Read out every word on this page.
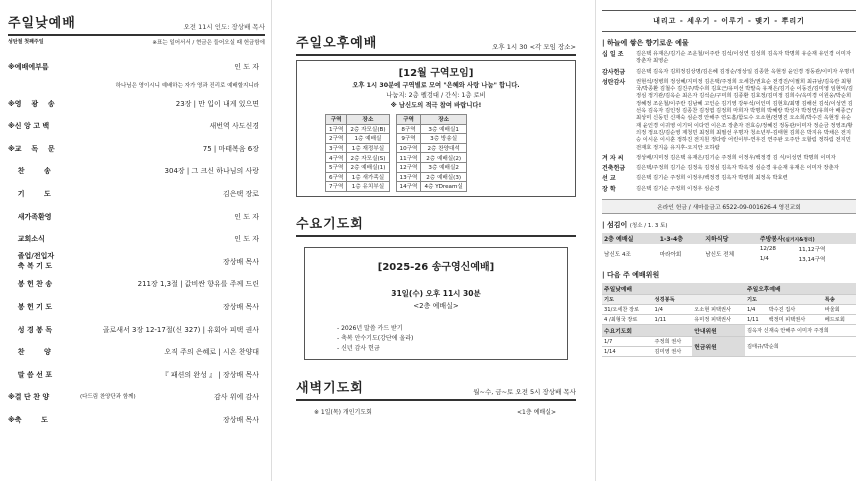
주일낮예배	오전 11시 인도: 장상배 목사
성탄절 첫째주일	※표는 일어서서 / 현금은 들어오실 때 헌금함에
※예배에부름	인 도 자
하나님은 영이시니 예배하는 자가 영과 진리로 예배할지니라
※영    광    송	23장 | 만 입이 내게 있으면
※신 앙 고 백	새번역 사도신경
※교    독    문	75 | 마태복음 6장
찬        송	304장 | 그 크신 하나님의 사랑
기        도	김은택 장로
새가족환영	인 도 자
교회소식	인 도 자
졸업/전입자
축 복 기 도	장상배 목사
봉 헌 찬 송	211장 1,3절 | 값비싼 향유를 주께 드린
봉 헌 기 도	장상배 목사
성 경 봉 독	골로새서 3장 12-17절(신 327) | 유회아 피택 권사
찬        양	오직 주의 은혜로 | 시온 찬양대
말 씀 선 포	『 패션의 완성 』 | 장상배 목사
※결 단 찬 양	(다드림 찬양단과 함께)	감사 위에 감사
※축        도	장상배 목사
주일오후예배	오후 1시 30 <각 모임 장소>
[12월 구역모임]

오후 1시 30분에 구역별로 모여 "은혜와 사랑 나눔" 합니다.

나눔지: 2층 펠겅대 / 간식: 1층 로비

※ 남신도의 적극 참여 바랍니다!

구역	장소		구역	장소
1구역	2층 자모실(B)		8구역	3층 예배실1
2구역	1층 예배실		9구역	3층 방송실
3구역	1층 재정부실		10구역	2층 찬양대석
4구역	2층 자모실(S)		11구역	2층 예배실(2)
5구역	2층 예배실(1)		12구역	3층 예배실2
6구역	1층 새가족실		13구역	2층 예배실(3)
7구역	1층 유치부실		14구역	4층 YDream실
수요기도회
[2025-26 송구영신예배]
31일(수) 오후 11시 30분
<2층 예배실>
- 2026년 말씀 카드 받기
- 축복 안수기도(강단에 올라)
- 신년 감사 헌금
새벽기도회	월~수, 금~토 오전 5시 장상배 목사
※ 1일(목) 개인기도회	<1층 예배실>
내리고 - 세우기 - 이루기 - 맺기 - 뿌리기
| 하늘에 쌓은 향기로운 예물
십 일 조	김은택 유재은/김기순 조운철/이주란 김석/이성연 김성희 김옥자 박명희 유순재 유인경 이미자 장춘자 최영순
감사헌금	김은택 김옥자 김희정김상명/김은혜 김정순/정상일 김종한 옥현정 윤인경 정동관/이미자 우명녀
성탄감사	권현석/정병희 정성혜/지미정 김은택/주정희 오세찬/권효순 전경진/이필희 최규남/김옥란 최형국/박종환 김철수 김진주/박수희 김효근/유미선 박말숙 유재은/김기순 이동진/김미영 임현익/김정심 정기관/김옥순 최은자 김석순/구미희 김종환 김효정/김미정 김희수/옥미경 이원웅/박순희 정혜정 조운철/이주란 김남혜 고인순 김기영 강두석/이인미 김현호/최명 김해선 김석/이성연 김선옥 김옥자 김인정 김종찬 김정엽 김정희 마희자 박명희 박혜랑 박성자 박정연/유희아 배종근/최상미 신동민 신재숙 심순경 안해주 연도흠/함도수 오소현/전명진 오소희/박수진 옥현정 유순재 윤인경 이귀영 이기덕 이다연 이은조 장춘자 전효승/정혜진 정동관/이미자 정순금 정영조/황의정 정요진/김순영 제청민 최정희 최필선 우명자 청소년부-김태현 김희은 박지유 박채은 전지승 이시운 이시훈 정하진 전지원 정다랑 어린이부-연우진 연주완 오주안 오할림 정하림 전지민 전재호 정지음 유지후-오지안 오하람
겨 자 씨	정상배/지미정 김은택 유재은/김기순 주정희 이정우/백정경 김 식/이성연 박명희 이미자
건축헌금	김은택/주정희 김기순 김정욱 김정심 김옥자 박옥정 심순경 유순재 유재은 이미자 장춘자
선 교	김은택 김기순 주정희 이정우/백정경 김옥자 박명희 최정옥 박효련
장 학	김은택 김기순 주정희 이정우 심순경
온라인 헌금 / 새마을금고 6522-09-001626-4 영진교회
| 섬김이 (청소 / 1. 3 토)
2층 예배실	1-3-4층	지하식당	주방봉사(실거지&정리)	
남신도 4조	마라아회	남신도 전체	12/28	11,12구역
			1/4	13,14구역
| 다음 주 예배위원
주일낮예배			주일오후예배		
기도	성경봉독		기도		특송
31/오세찬 장로	1/4	오소현 피택권사	1/4	박수진 집사	바울회
4 /최형국 장로	1/11	유미정 피택권사	1/11	백정미 피택권사	베드로회
수요기도회		안내위원	김옥자 신재숙 안해주 이미자 주정희		
1/7	주정희 권사	헌금위원	김태규/박순희		
1/14	김미영 권사				
